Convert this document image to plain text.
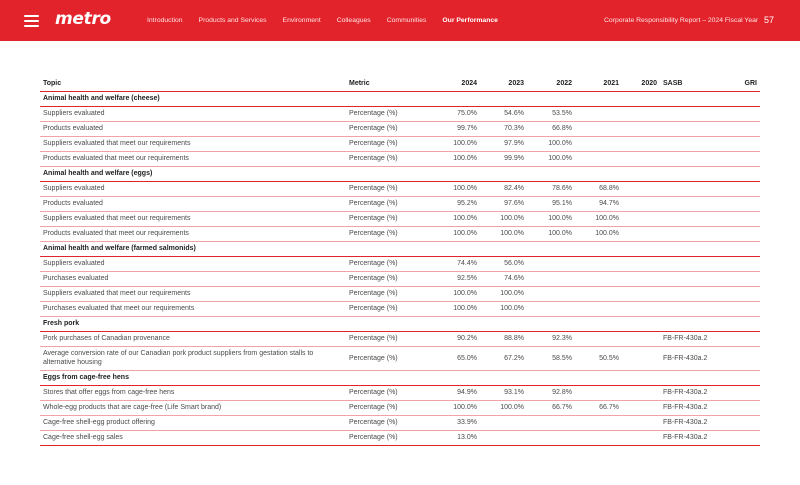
metro	Introduction Products and Services Environment Colleagues Communities Our Performance	Corporate Responsibility Report – 2024 Fiscal Year 57
Topic	Metric	2024	2023	2022	2021	2020	SASB	GRI
Animal health and welfare (cheese)								
Suppliers evaluated	Percentage (%)	75.0%	54.6%	53.5%				
Products evaluated	Percentage (%)	99.7%	70.3%	66.8%				
Suppliers evaluated that meet our requirements	Percentage (%)	100.0%	97.9%	100.0%				
Products evaluated that meet our requirements	Percentage (%)	100.0%	99.9%	100.0%				
Animal health and welfare (eggs)								
Suppliers evaluated	Percentage (%)	100.0%	82.4%	78.6%	68.8%			
Products evaluated	Percentage (%)	95.2%	97.6%	95.1%	94.7%			
Suppliers evaluated that meet our requirements	Percentage (%)	100.0%	100.0%	100.0%	100.0%			
Products evaluated that meet our requirements	Percentage (%)	100.0%	100.0%	100.0%	100.0%			
Animal health and welfare (farmed salmonids)								
Suppliers evaluated	Percentage (%)	74.4%	56.0%					
Purchases evaluated	Percentage (%)	92.5%	74.6%					
Suppliers evaluated that meet our requirements	Percentage (%)	100.0%	100.0%					
Purchases evaluated that meet our requirements	Percentage (%)	100.0%	100.0%					
Fresh pork								
Pork purchases of Canadian provenance	Percentage (%)	90.2%	88.8%	92.3%			FB-FR-430a.2	
Average conversion rate of our Canadian pork product suppliers from gestation stalls to alternative housing	Percentage (%)	65.0%	67.2%	58.5%	50.5%		FB-FR-430a.2	
Eggs from cage-free hens								
Stores that offer eggs from cage-free hens	Percentage (%)	94.9%	93.1%	92.8%			FB-FR-430a.2	
Whole-egg products that are cage-free (Life Smart brand)	Percentage (%)	100.0%	100.0%	66.7%	66.7%		FB-FR-430a.2	
Cage-free shell-egg product offering	Percentage (%)	33.9%					FB-FR-430a.2	
Cage-free shell-egg sales	Percentage (%)	13.0%					FB-FR-430a.2	
